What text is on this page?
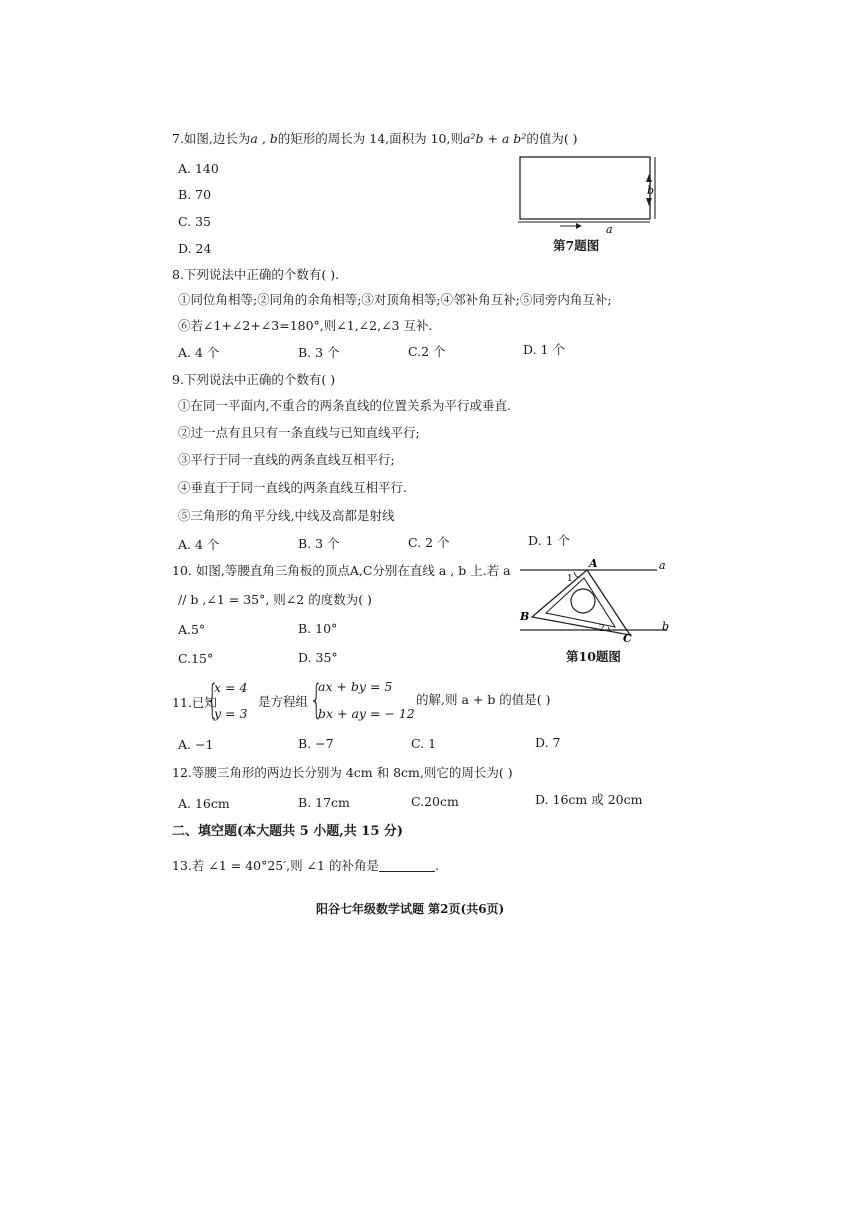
7.如图,边长为a , b的矩形的周长为 14,面积为 10,则a²b + a b²的值为( )
A. 140
B. 70
C. 35
D. 24
a
b
第7题图
8.下列说法中正确的个数有( ).
①同位角相等;②同角的余角相等;③对顶角相等;④邻补角互补;⑤同旁内角互补;
⑥若∠1+∠2+∠3=180°,则∠1,∠2,∠3 互补.
A. 4 个	B. 3 个	C.2 个	D. 1 个
9.下列说法中正确的个数有( )
①在同一平面内,不重合的两条直线的位置关系为平行或垂直.
②过一点有且只有一条直线与已知直线平行;
③平行于同一直线的两条直线互相平行;
④垂直于于同一直线的两条直线互相平行.
⑤三角形的角平分线,中线及高都是射线
A. 4 个	B. 3 个	C. 2 个	D. 1 个
10. 如图,等腰直角三角板的顶点A,C分别在直线 a , b 上.若 a
// b ,∠1 = 35°, 则∠2 的度数为( )
A.5°	B. 10°
C.15°	D. 35°
A
B
C
a
b
1
2
第10题图
11.已知
{
x = 4
y = 3
是方程组 {
ax + by = 5
bx + ay = − 12
的解,则 a + b 的值是( )
A. −1	B. −7	C. 1	D. 7
12.等腰三角形的两边长分别为 4cm 和 8cm,则它的周长为( )
A. 16cm	B. 17cm	C.20cm	D. 16cm 或 20cm
二、填空题(本大题共 5 小题,共 15 分)
13.若 ∠1 = 40°25′,则 ∠1 的补角是	.
阳谷七年级数学试题 第2页(共6页)
